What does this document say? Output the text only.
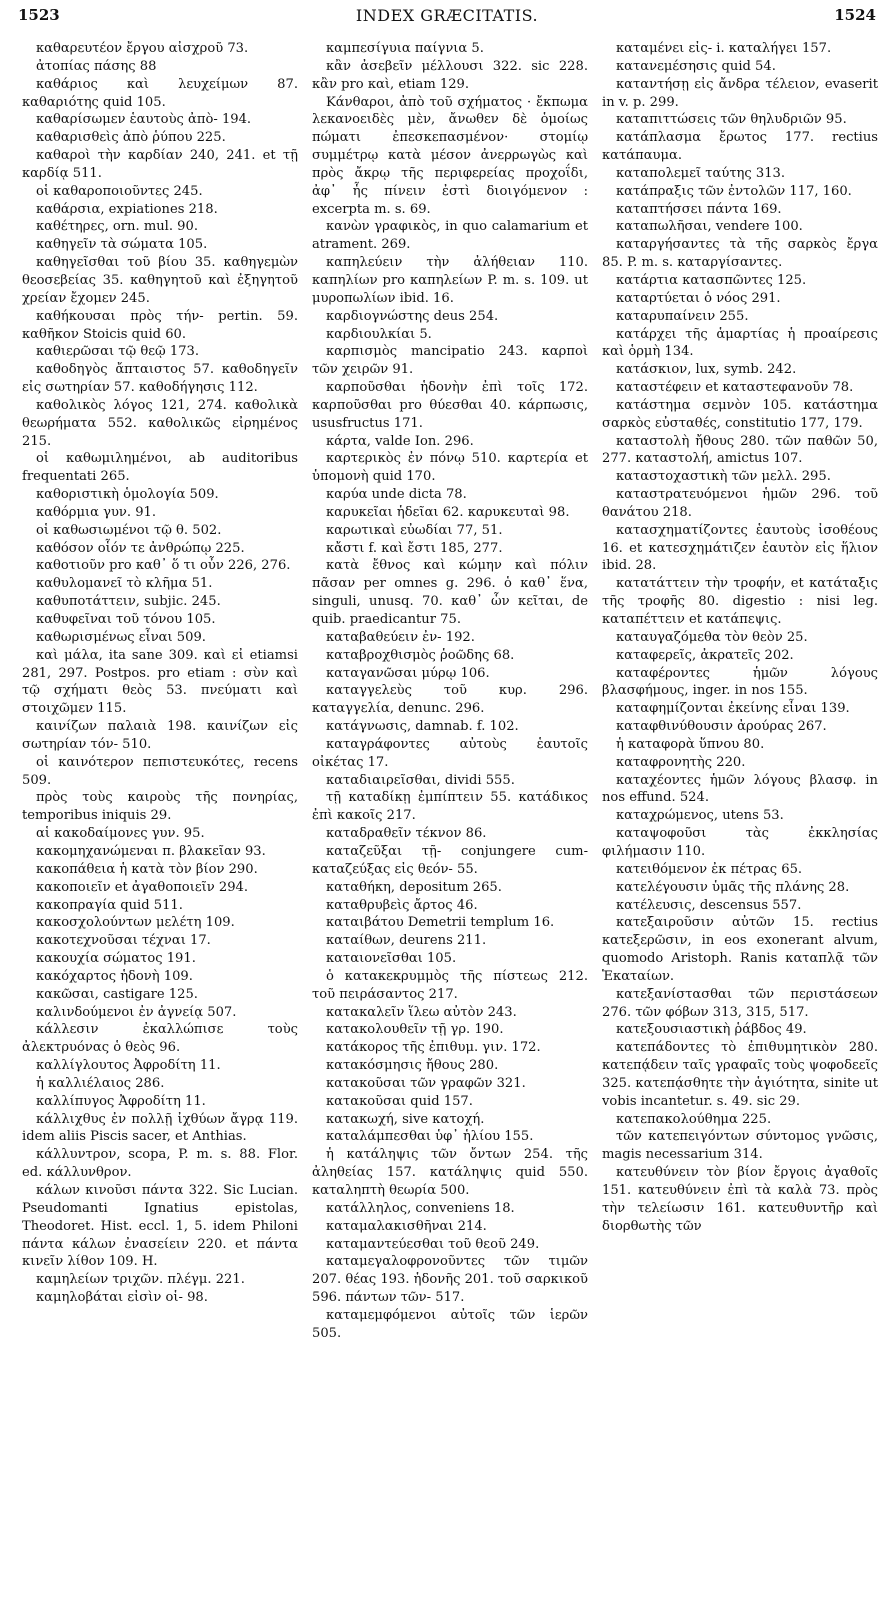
1523	INDEX GRÆCITATIS.	1524

καθαρευτέον ἔργου αἰσχροῦ 73.

ἀτοπίας πάσης 88

καθάριος καὶ λευχείμων 87. καθαριότης quid 105.

καθαρίσωμεν ἑαυτοὺς ἀπὸ- 194.

καθαρισθεὶς ἀπὸ ῥύπου 225.

καθαροὶ τὴν καρδίαν 240, 241. et τῇ καρδίᾳ 511.

οἱ καθαροποιοῦντες 245.

καθάρσια, expiationes 218.

καθέτηρες, orn. mul. 90.

καθηγεῖν τὰ σώματα 105.

καθηγεῖσθαι τοῦ βίου 35. καθηγεμὼν θεοσεβείας 35. καθηγητοῦ καὶ ἐξηγητοῦ χρείαν ἔχομεν 245.

καθήκουσαι πρὸς τήν- pertin. 59. καθῆκον Stoicis quid 60.

καθιερῶσαι τῷ θεῷ 173.

καθοδηγὸς ἄπταιστος 57. καθοδηγεῖν εἰς σωτηρίαν 57. καθοδήγησις 112.

καθολικὸς λόγος 121, 274. καθολικὰ θεωρήματα 552. καθολικῶς εἰρημένος 215.

οἱ καθωμιλημένοι, ab auditoribus frequentati 265.

καθοριστικὴ ὁμολογία 509.

καθόρμια γυν. 91.

οἱ καθωσιωμένοι τῷ θ. 502.

καθόσον οἷόν τε ἀνθρώπῳ 225.

καθοτιοῦν pro καθ᾽ ὅ τι οὖν 226, 276.

καθυλομανεῖ τὸ κλῆμα 51.

καθυποτάττειν, subjic. 245.

καθυφεῖναι τοῦ τόνου 105.

καθωρισμένως εἶναι 509.

καὶ μάλα, ita sane 309. καὶ εἰ etiamsi 281, 297. Postpos. pro etiam : σὺν καὶ τῷ σχήματι θεὸς 53. πνεύματι καὶ στοιχῶμεν 115.

καινίζων παλαιὰ 198. καινίζων εἰς σωτηρίαν τόν- 510.

οἱ καινότερον πεπιστευκότες, recens 509.

πρὸς τοὺς καιροὺς τῆς πονηρίας, temporibus iniquis 29.

αἱ κακοδαίμονες γυν. 95.

κακομηχανώμεναι π. βλακεῖαν 93.

κακοπάθεια ἡ κατὰ τὸν βίον 290.

κακοποιεῖν et ἀγαθοποιεῖν 294.

κακοπραγία quid 511.

κακοσχολούντων μελέτη 109.

κακοτεχνοῦσαι τέχναι 17.

κακουχία σώματος 191.

κακόχαρτος ἡδονὴ 109.

κακῶσαι, castigare 125.

καλινδούμενοι ἐν ἀγνείᾳ 507.

κάλλεσιν ἐκαλλώπισε τοὺς ἀλεκτρυόνας ὁ θεὸς 96.

καλλίγλουτος Ἀφροδίτη 11.

ἡ καλλιέλαιος 286.

καλλίπυγος Ἀφροδίτη 11.

κάλλιχθυς ἐν πολλῇ ἰχθύων ἄγρᾳ 119. idem aliis Piscis sacer, et Anthias.

κάλλυντρον, scopa, P. m. s. 88. Flor. ed. κάλλυνθρον.

κάλων κινοῦσι πάντα 322. Sic Lucian. Pseudomanti Ignatius epistolas, Theodoret. Hist. eccl. 1, 5. idem Philoni πάντα κάλων ἐνασείειν 220. et πάντα κινεῖν λίθον 109. H.

καμηλείων τριχῶν. πλέγμ. 221.

καμηλοβάται εἰσὶν οἱ- 98.

καμπεσίγυια παίγνια 5.

κἂν ἀσεβεῖν μέλλουσι 322. sic 228. κἂν pro καὶ, etiam 129.

Κάνθαροι, ἀπὸ τοῦ σχήματος · ἔκπωμα λεκανοειδὲς μὲν, ἄνωθεν δὲ ὁμοίως πώματι ἐπεσκεπασμένον· στομίῳ συμμέτρῳ κατὰ μέσον ἀνερρωγὼς καὶ πρὸς ἄκρῳ τῆς περιφερείας προχοΐδι, ἀφ᾽ ἧς πίνειν ἐστὶ διοιγόμενον : excerpta m. s. 69.

κανὼν γραφικὸς, in quo calamarium et atrament. 269.

καπηλεύειν τὴν ἀλήθειαν 110. καπηλίων pro καπηλείων P. m. s. 109. ut μυροπωλίων ibid. 16.

καρδιογνώστης deus 254.

καρδιουλκίαι 5.

καρπισμὸς mancipatio 243. καρποὶ τῶν χειρῶν 91.

καρποῦσθαι ἡδονὴν ἐπὶ τοῖς 172. καρποῦσθαι pro θύεσθαι 40. κάρπωσις, ususfructus 171.

κάρτα, valde Ion. 296.

καρτερικὸς ἐν πόνῳ 510. καρτερία et ὑπομονὴ quid 170.

καρύα unde dicta 78.

καρυκεῖαι ἡδεῖαι 62. καρυκευταὶ 98.

καρωτικαὶ εὐωδίαι 77, 51.

κἄστι f. καὶ ἔστι 185, 277.

κατὰ ἔθνος καὶ κώμην καὶ πόλιν πᾶσαν per omnes g. 296. ὁ καθ᾽ ἕνα, singuli, unusq. 70. καθ᾽ ὧν κεῖται, de quib. praedicantur 75.

καταβαθεύειν ἐν- 192.

καταβροχθισμὸς ῥοῶδης 68.

καταγανῶσαι μύρῳ 106.

καταγγελεὺς τοῦ κυρ. 296. καταγγελία, denunc. 296.

κατάγνωσις, damnab. f. 102.

καταγράφοντες αὐτοὺς ἑαυτοῖς οἰκέτας 17.

καταδιαιρεῖσθαι, dividi 555.

τῇ καταδίκῃ ἐμπίπτειν 55. κατάδικος ἐπὶ κακοῖς 217.

καταδραθεῖν τέκνον 86.

καταζεῦξαι τῇ- conjungere cum- καταζεύξας εἰς θεόν- 55.

καταθήκη, depositum 265.

καταθρυβεὶς ἄρτος 46.

καταιβάτου Demetrii templum 16.

καταίθων, deurens 211.

καταιονεῖσθαι 105.

ὁ κατακεκρυμμὸς τῆς πίστεως 212. τοῦ πειράσαντος 217.

κατακαλεῖν ἵλεω αὐτὸν 243.

κατακολουθεῖν τῇ γρ. 190.

κατάκορος τῆς ἐπιθυμ. γιν. 172.

κατακόσμησις ἤθους 280.

κατακοῦσαι τῶν γραφῶν 321.

κατακοῦσαι quid 157.

κατακωχή, sive κατοχή.

καταλάμπεσθαι ὑφ᾽ ἡλίου 155.

ἡ κατάληψις τῶν ὄντων 254. τῆς ἀληθείας 157. κατάληψις quid 550. καταληπτὴ θεωρία 500.

κατάλληλος, conveniens 18.

καταμαλακισθῆναι 214.

καταμαντεύεσθαι τοῦ θεοῦ 249.

καταμεγαλοφρονοῦντες τῶν τιμῶν 207. θέας 193. ἡδονῆς 201. τοῦ σαρκικοῦ 596. πάντων τῶν- 517.

καταμεμφόμενοι αὐτοῖς τῶν ἱερῶν 505.

καταμένει εἰς- i. καταλήγει 157.

κατανεμέσησις quid 54.

καταντήσῃ εἰς ἄνδρα τέλειον, evaserit in v. p. 299.

καταπιττώσεις τῶν θηλυδριῶν 95.

κατάπλασμα ἔρωτος 177. rectius κατάπαυμα.

καταπολεμεῖ ταύτης 313.

κατάπραξις τῶν ἐντολῶν 117, 160.

καταπτήσσει πάντα 169.

καταπωλῆσαι, vendere 100.

καταργήσαντες τὰ τῆς σαρκὸς ἔργα 85. P. m. s. καταργίσαντες.

κατάρτια κατασπῶντες 125.

καταρτύεται ὁ νόος 291.

καταρυπαίνειν 255.

κατάρχει τῆς ἁμαρτίας ἡ προαίρεσις καὶ ὁρμὴ 134.

κατάσκιον, lux, symb. 242.

καταστέφειν et καταστεφανοῦν 78.

κατάστημα σεμνὸν 105. κατάστημα σαρκὸς εὐσταθές, constitutio 177, 179.

καταστολὴ ἤθους 280. τῶν παθῶν 50, 277. καταστολή, amictus 107.

καταστοχαστικὴ τῶν μελλ. 295.

καταστρατευόμενοι ἡμῶν 296. τοῦ θανάτου 218.

κατασχηματίζοντες ἑαυτοὺς ἰσοθέους 16. et κατεσχημάτιζεν ἑαυτὸν εἰς ἥλιον ibid. 28.

κατατάττειν τὴν τροφήν, et κατάταξις τῆς τροφῆς 80. digestio : nisi leg. καταπέττειν et κατάπεψις.

καταυγαζόμεθα τὸν θεὸν 25.

καταφερεῖς, ἀκρατεῖς 202.

καταφέροντες ἡμῶν λόγους βλασφήμους, inger. in nos 155.

καταφημίζονται ἐκείνης εἶναι 139.

καταφθινύθουσιν ἀρούρας 267.

ἡ καταφορὰ ὕπνου 80.

καταφρονητὴς 220.

καταχέοντες ἡμῶν λόγους βλασφ. in nos effund. 524.

καταχρώμενος, utens 53.

καταψοφοῦσι τὰς ἐκκλησίας φιλήμασιν 110.

κατειθόμενον ἐκ πέτρας 65.

κατελέγουσιν ὑμᾶς τῆς πλάνης 28.

κατέλευσις, descensus 557.

κατεξαιροῦσιν αὐτῶν 15. rectius κατεξερῶσιν, in eos exonerant alvum, quomodo Aristoph. Ranis καταπλᾷ τῶν Ἑκαταίων.

κατεξανίστασθαι τῶν περιστάσεων 276. τῶν φόβων 313, 315, 517.

κατεξουσιαστικὴ ῥάβδος 49.

κατεπάδοντες τὸ ἐπιθυμητικὸν 280. κατεπᾴδειν ταῖς γραφαῖς τοὺς ψοφοδεεῖς 325. κατεπᾴσθητε τὴν ἁγιότητα, sinite ut vobis incantetur. s. 49. sic 29.

κατεπακολούθημα 225.

τῶν κατεπειγόντων σύντομος γνῶσις, magis necessarium 314.

κατευθύνειν τὸν βίον ἔργοις ἀγαθοῖς 151. κατευθύνειν ἐπὶ τὰ καλὰ 73. πρὸς τὴν τελείωσιν 161. κατευθυντῆρ καὶ διορθωτὴς τῶν
